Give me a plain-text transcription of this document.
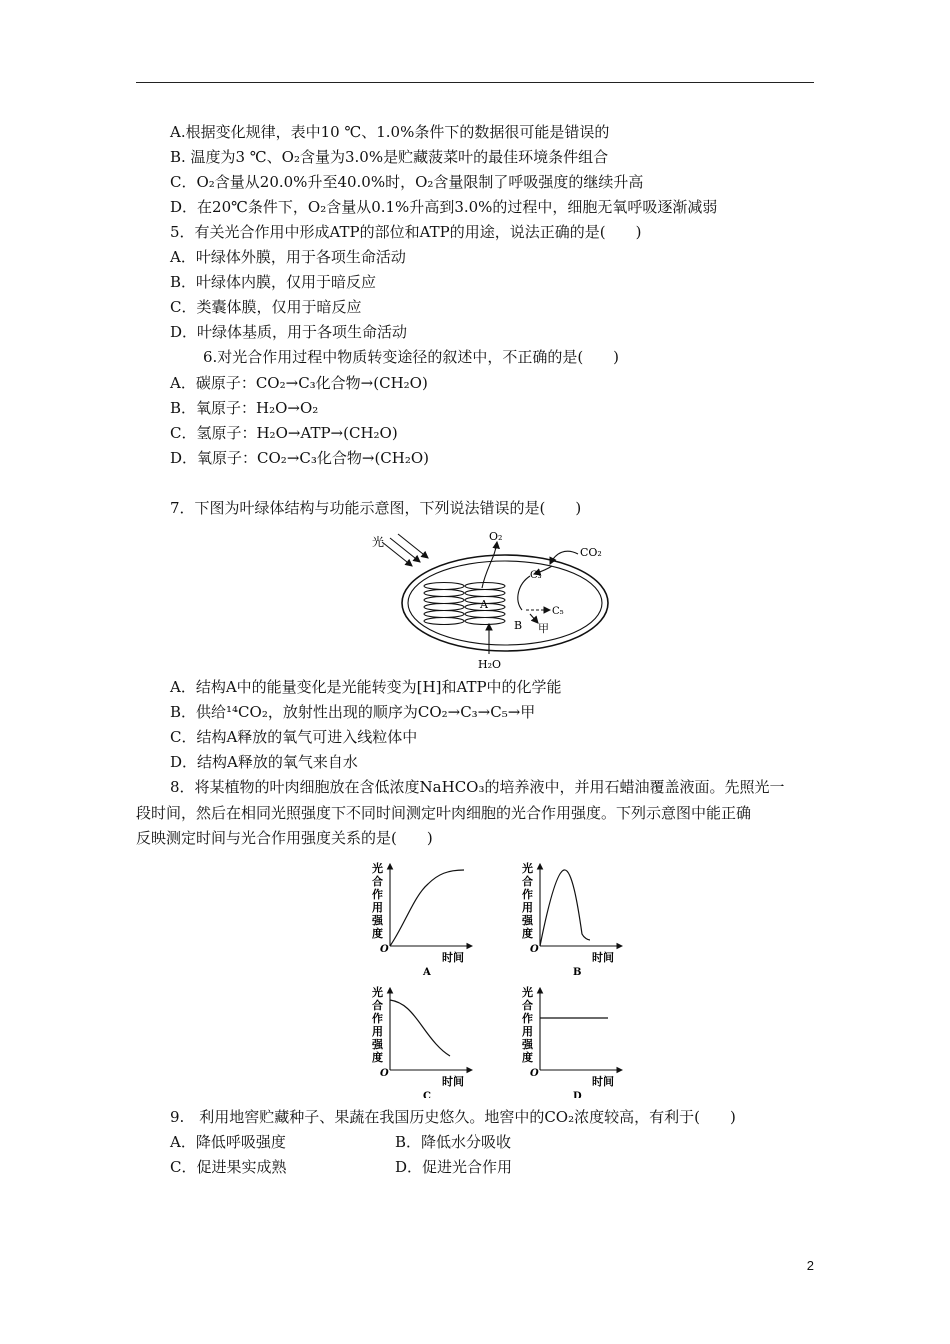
A.根据变化规律，表中10 ℃、1.0%条件下的数据很可能是错误的
B. 温度为3 ℃、O₂含量为3.0%是贮藏菠菜叶的最佳环境条件组合
C．O₂含量从20.0%升至40.0%时，O₂含量限制了呼吸强度的继续升高
D．在20℃条件下，O₂含量从0.1%升高到3.0%的过程中，细胞无氧呼吸逐渐减弱
5．有关光合作用中形成ATP的部位和ATP的用途，说法正确的是(　　)
A．叶绿体外膜，用于各项生命活动
B．叶绿体内膜，仅用于暗反应
C．类囊体膜，仅用于暗反应
D．叶绿体基质，用于各项生命活动
6.对光合作用过程中物质转变途径的叙述中，不正确的是(　　)
A．碳原子：CO₂→C₃化合物→(CH₂O)
B．氧原子：H₂O→O₂
C．氢原子：H₂O→ATP→(CH₂O)
D．氧原子：CO₂→C₃化合物→(CH₂O)
7．下图为叶绿体结构与功能示意图，下列说法错误的是(　　)
光
A
O₂
H₂O
CO₂
C₃
C₅
甲
B
A．结构A中的能量变化是光能转变为[H]和ATP中的化学能
B．供给¹⁴CO₂，放射性出现的顺序为CO₂→C₃→C₅→甲
C．结构A释放的氧气可进入线粒体中
D．结构A释放的氧气来自水
8．将某植物的叶肉细胞放在含低浓度NaHCO₃的培养液中，并用石蜡油覆盖液面。先照光一
段时间，然后在相同光照强度下不同时间测定叶肉细胞的光合作用强度。下列示意图中能正确
反映测定时间与光合作用强度关系的是(　　)
光
合
作
用
强
度
O
时间
A
光
合
作
用
强
度
O
时间
B
光
合
作
用
强
度
O
时间
C
光
合
作
用
强
度
O
时间
D
9.　利用地窖贮藏种子、果蔬在我国历史悠久。地窖中的CO₂浓度较高，有利于(　　)
A．降低呼吸强度	B．降低水分吸收
C．促进果实成熟	D．促进光合作用
2
